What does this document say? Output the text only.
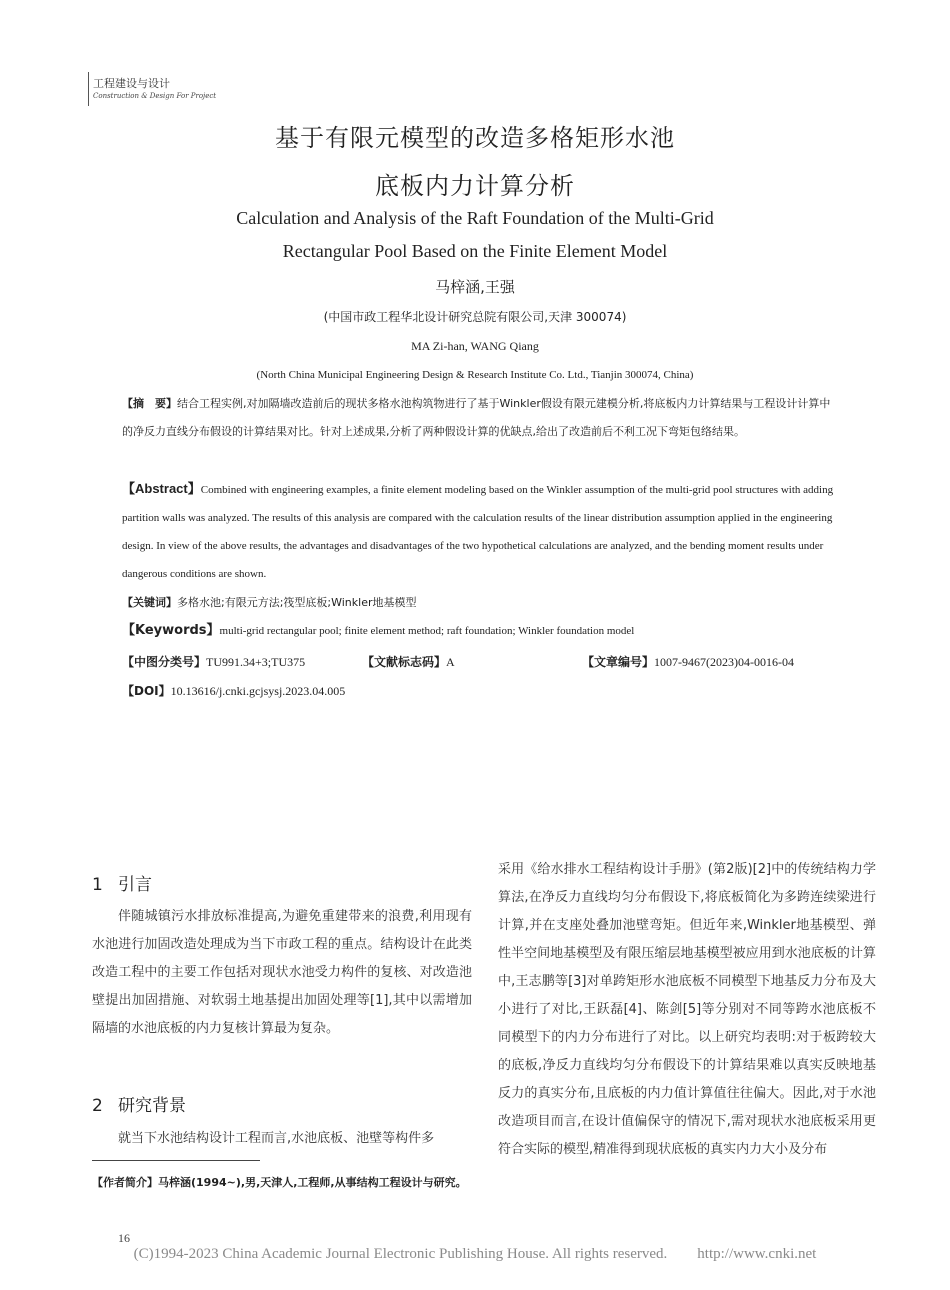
工程建设与设计
Construction & Design For Project
基于有限元模型的改造多格矩形水池
底板内力计算分析
Calculation and Analysis of the Raft Foundation of the Multi-Grid
Rectangular Pool Based on the Finite Element Model
马梓涵,王强
(中国市政工程华北设计研究总院有限公司,天津 300074)
MA Zi-han, WANG Qiang
(North China Municipal Engineering Design & Research Institute Co. Ltd., Tianjin 300074, China)
【摘　要】结合工程实例,对加隔墙改造前后的现状多格水池构筑物进行了基于Winkler假设有限元建模分析,将底板内力计算结果与工程设计计算中的净反力直线分布假设的计算结果对比。针对上述成果,分析了两种假设计算的优缺点,给出了改造前后不利工况下弯矩包络结果。
【Abstract】Combined with engineering examples, a finite element modeling based on the Winkler assumption of the multi-grid pool structures with adding partition walls was analyzed. The results of this analysis are compared with the calculation results of the linear distribution assumption applied in the engineering design. In view of the above results, the advantages and disadvantages of the two hypothetical calculations are analyzed, and the bending moment results under dangerous conditions are shown.
【关键词】多格水池;有限元方法;筏型底板;Winkler地基模型
【Keywords】multi-grid rectangular pool; finite element method; raft foundation; Winkler foundation model
【中图分类号】TU991.34+3;TU375	【文献标志码】A	【文章编号】1007-9467(2023)04-0016-04
【DOI】10.13616/j.cnki.gcjsysj.2023.04.005
1 引言

伴随城镇污水排放标准提高,为避免重建带来的浪费,利用现有水池进行加固改造处理成为当下市政工程的重点。结构设计在此类改造工程中的主要工作包括对现状水池受力构件的复核、对改造池壁提出加固措施、对软弱土地基提出加固处理等[1],其中以需增加隔墙的水池底板的内力复核计算最为复杂。

2 研究背景

就当下水池结构设计工程而言,水池底板、池壁等构件多

采用《给水排水工程结构设计手册》(第2版)[2]中的传统结构力学算法,在净反力直线均匀分布假设下,将底板简化为多跨连续梁进行计算,并在支座处叠加池壁弯矩。但近年来,Winkler地基模型、弹性半空间地基模型及有限压缩层地基模型被应用到水池底板的计算中,王志鹏等[3]对单跨矩形水池底板不同模型下地基反力分布及大小进行了对比,王跃磊[4]、陈剑[5]等分别对不同等跨水池底板不同模型下的内力分布进行了对比。以上研究均表明:对于板跨较大的底板,净反力直线均匀分布假设下的计算结果难以真实反映地基反力的真实分布,且底板的内力值计算值往往偏大。因此,对于水池改造项目而言,在设计值偏保守的情况下,需对现状水池底板采用更符合实际的模型,精准得到现状底板的真实内力大小及分布

【作者简介】马梓涵(1994~),男,天津人,工程师,从事结构工程设计与研究。
16
(C)1994-2023 China Academic Journal Electronic Publishing House. All rights reserved.　　http://www.cnki.net
